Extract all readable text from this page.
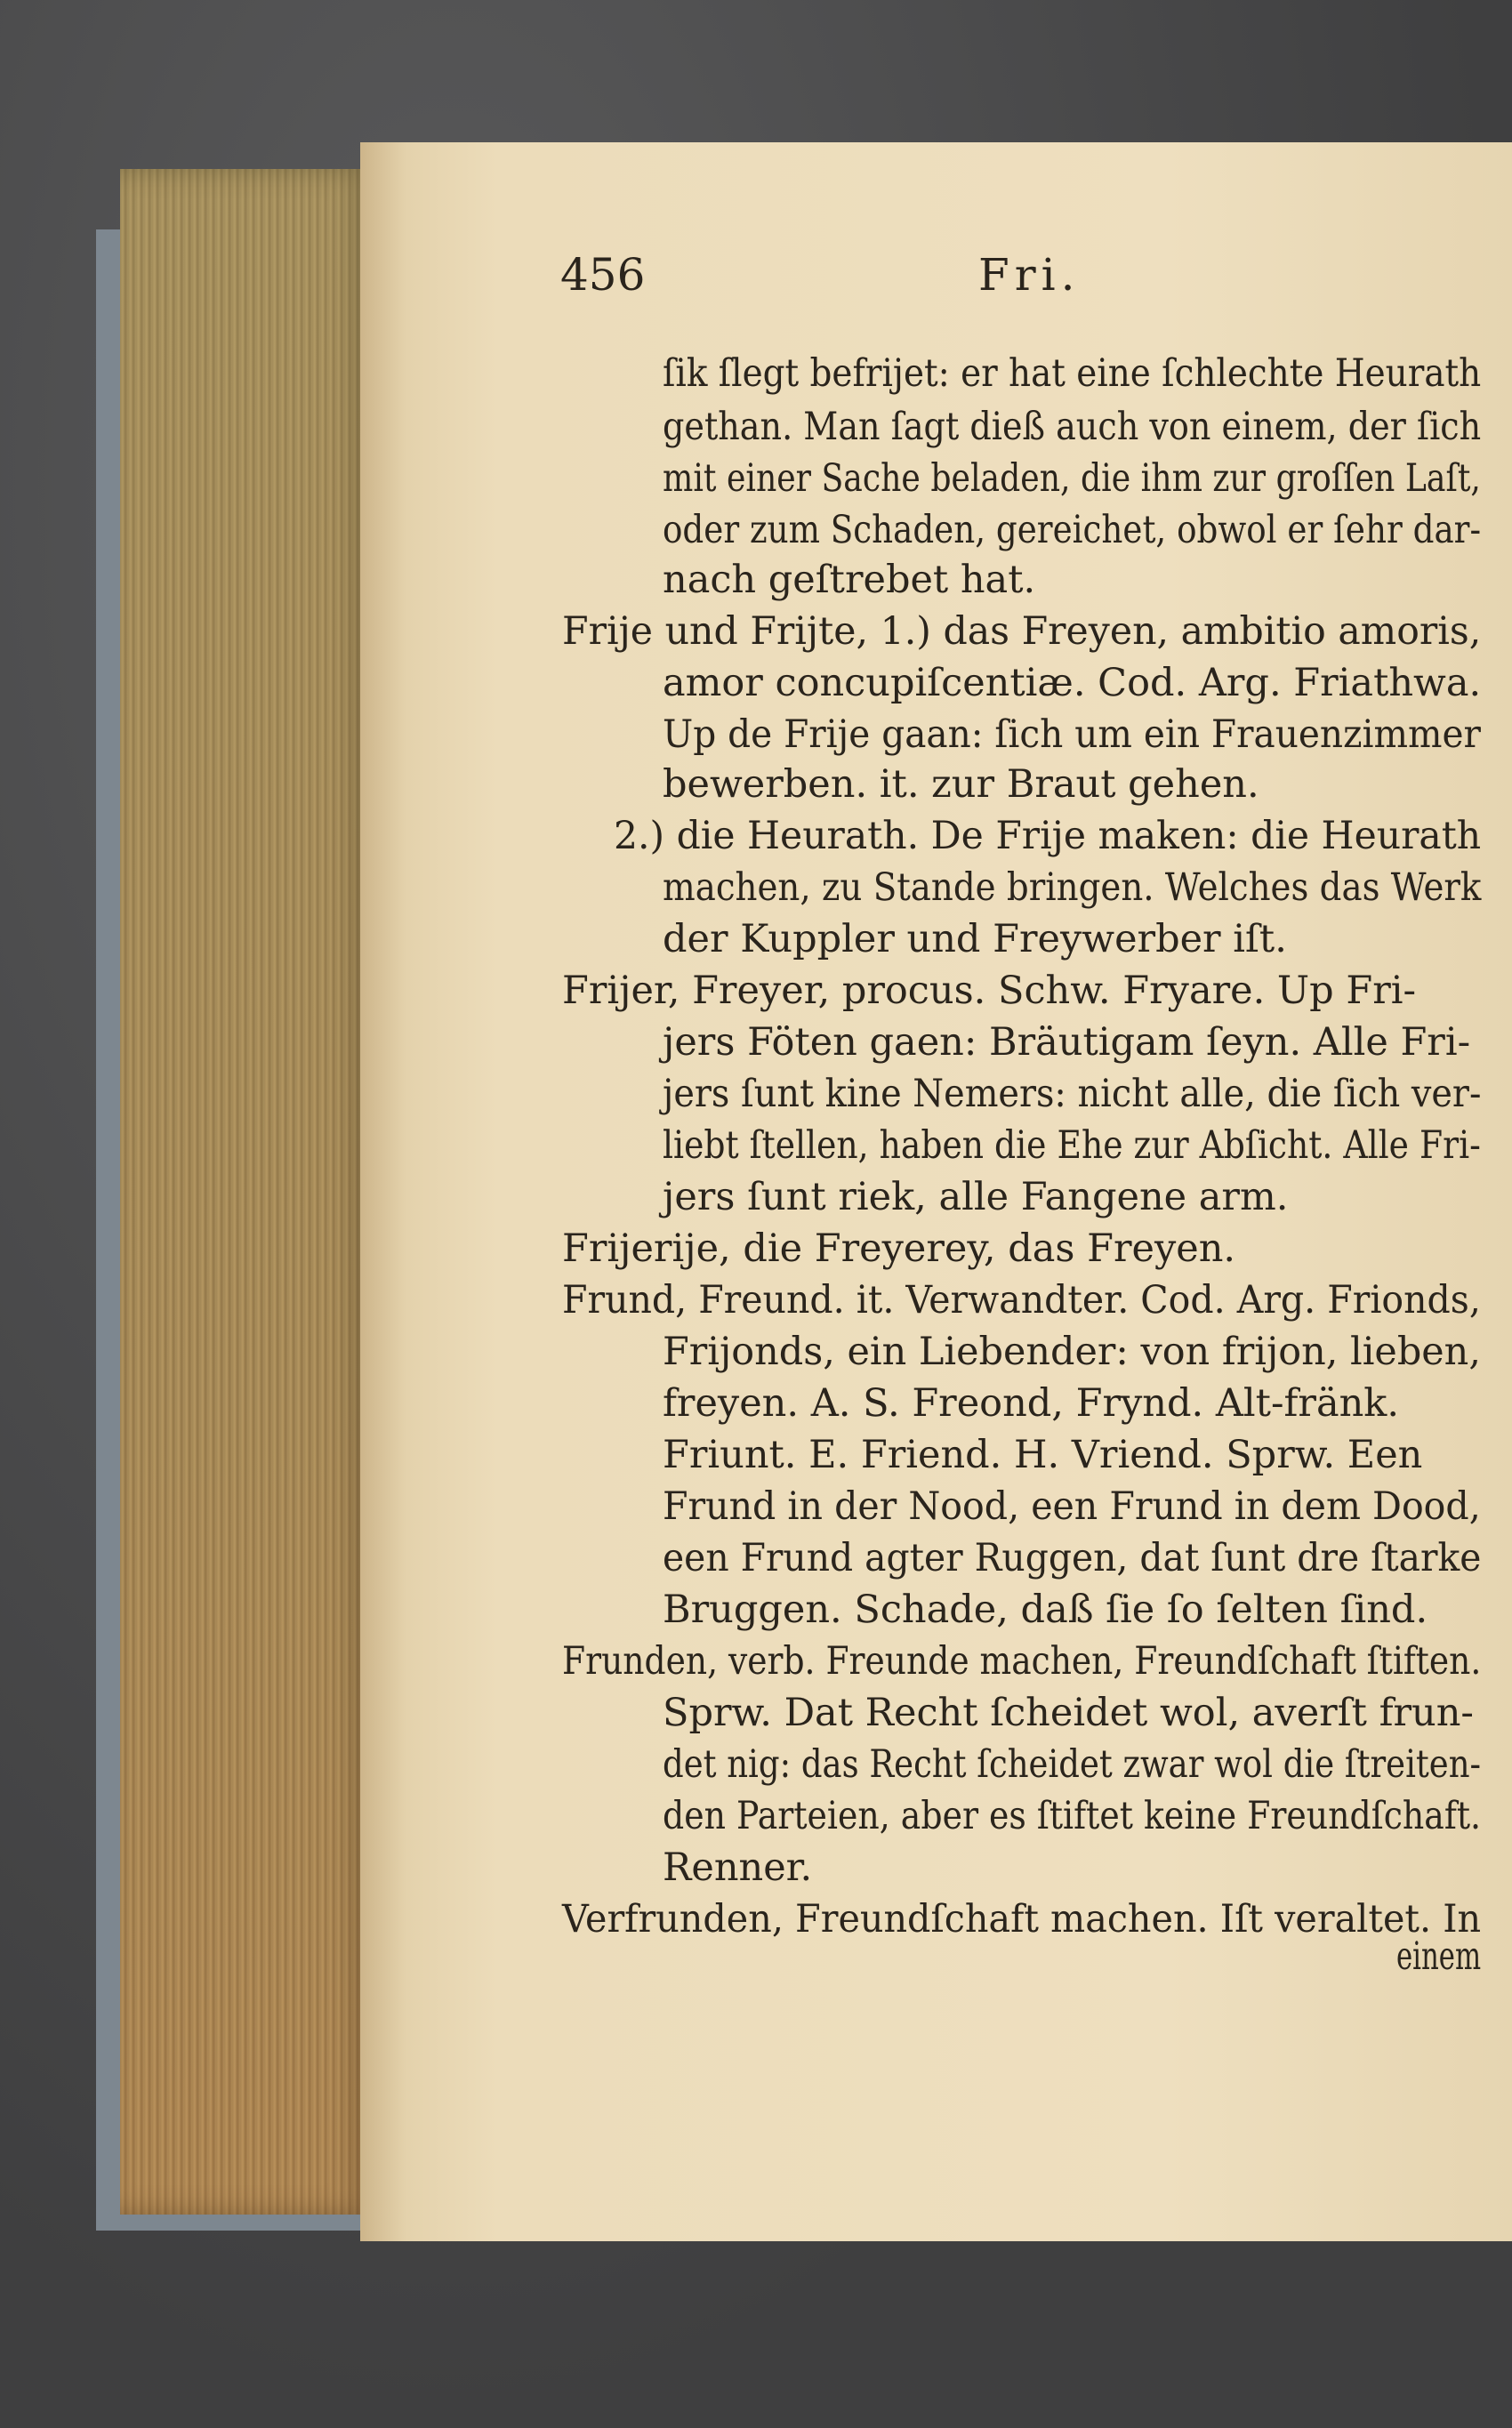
456	Fri.
ſik ſlegt befrijet: er hat eine ſchlechte Heurath
gethan. Man ſagt dieß auch von einem, der ſich
mit einer Sache beladen, die ihm zur groſſen Laſt,
oder zum Schaden, gereichet, obwol er ſehr dar-
nach geſtrebet hat.
Frije und Frijte, 1.) das Freyen, ambitio amoris,
amor concupiſcentiæ. Cod. Arg. Friathwa.
Up de Frije gaan: ſich um ein Frauenzimmer
bewerben. it. zur Braut gehen.
2.) die Heurath. De Frije maken: die Heurath
machen, zu Stande bringen. Welches das Werk
der Kuppler und Freywerber iſt.
Frijer, Freyer, procus. Schw. Fryare. Up Fri-
jers Föten gaen: Bräutigam ſeyn. Alle Fri-
jers ſunt kine Nemers: nicht alle, die ſich ver-
liebt ſtellen, haben die Ehe zur Abſicht. Alle Fri-
jers ſunt riek, alle Fangene arm.
Frijerije, die Freyerey, das Freyen.
Frund, Freund. it. Verwandter. Cod. Arg. Frionds,
Frijonds, ein Liebender: von frijon, lieben,
freyen. A. S. Freond, Frynd. Alt-fränk.
Friunt. E. Friend. H. Vriend. Sprw. Een
Frund in der Nood, een Frund in dem Dood,
een Frund agter Ruggen, dat ſunt dre ſtarke
Bruggen. Schade, daß ſie ſo ſelten ſind.
Frunden, verb. Freunde machen, Freundſchaft ſtiften.
Sprw. Dat Recht ſcheidet wol, averſt frun-
det nig: das Recht ſcheidet zwar wol die ſtreiten-
den Parteien, aber es ſtiftet keine Freundſchaft.
Renner.
Verfrunden, Freundſchaft machen. Iſt veraltet. In
einem
